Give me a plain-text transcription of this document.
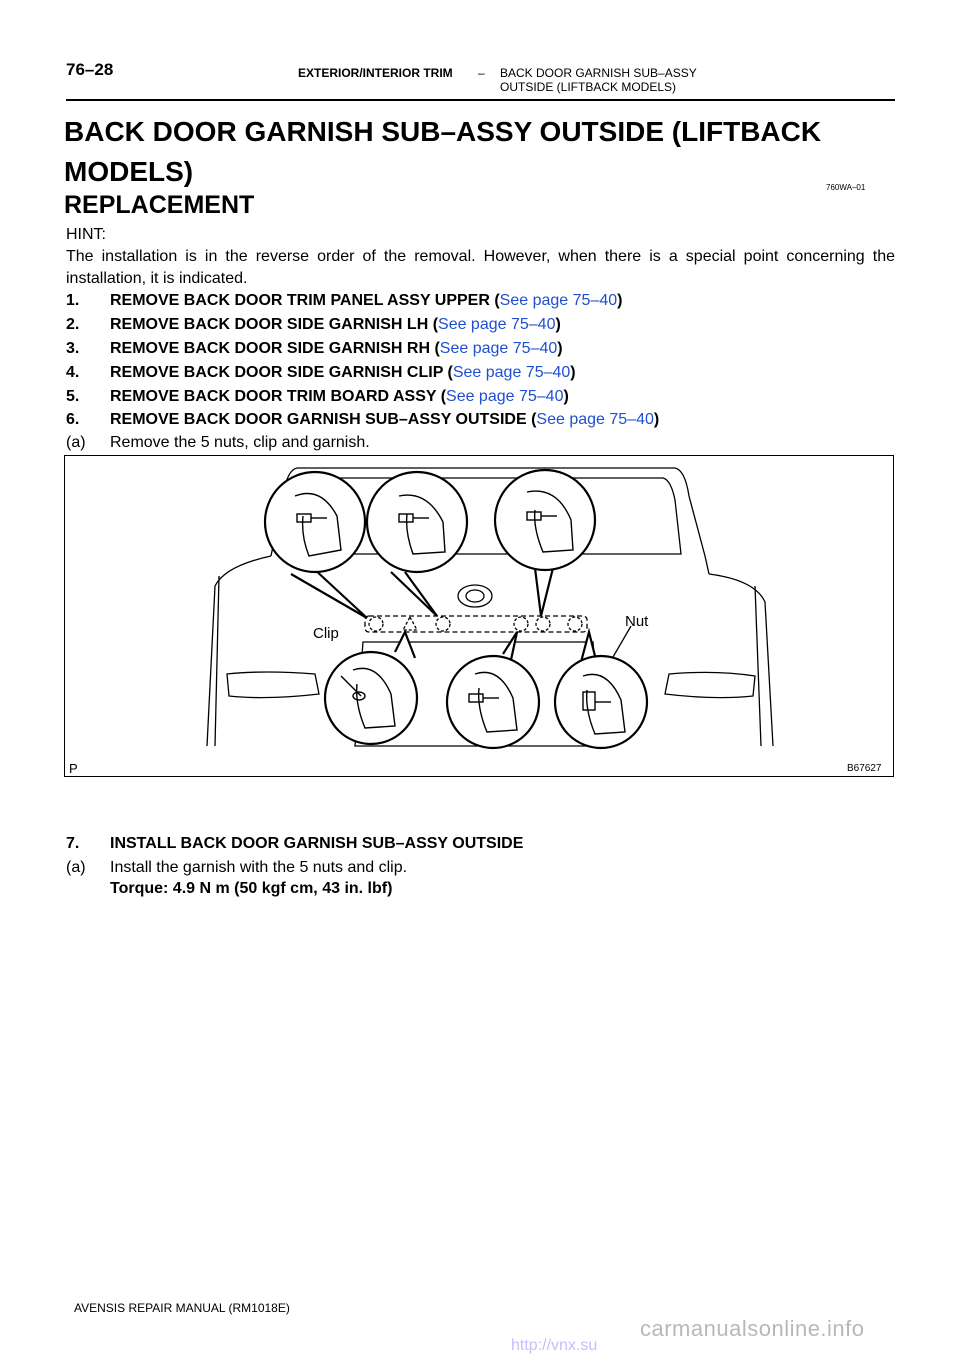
76–28	EXTERIOR/INTERIOR TRIM – BACK DOOR GARNISH SUB–ASSY
OUTSIDE (LIFTBACK MODELS)
BACK DOOR GARNISH SUB–ASSY OUTSIDE (LIFTBACK MODELS)
760WA–01
REPLACEMENT
HINT:
The installation is in the reverse order of the removal. However, when there is a special point concerning the installation, it is indicated.
1. REMOVE BACK DOOR TRIM PANEL ASSY UPPER (See page 75–40)
2. REMOVE BACK DOOR SIDE GARNISH LH (See page 75–40)
3. REMOVE BACK DOOR SIDE GARNISH RH (See page 75–40)
4. REMOVE BACK DOOR SIDE GARNISH CLIP (See page 75–40)
5. REMOVE BACK DOOR TRIM BOARD ASSY (See page 75–40)
6. REMOVE BACK DOOR GARNISH SUB–ASSY OUTSIDE (See page 75–40)
(a) Remove the 5 nuts, clip and garnish.
Clip
Nut
P	B67627
7. INSTALL BACK DOOR GARNISH SUB–ASSY OUTSIDE
(a) Install the garnish with the 5 nuts and clip.
Torque: 4.9 N m (50 kgf cm, 43 in. lbf)
AVENSIS REPAIR MANUAL (RM1018E)
carmanualsonline.info
http://vnx.su
